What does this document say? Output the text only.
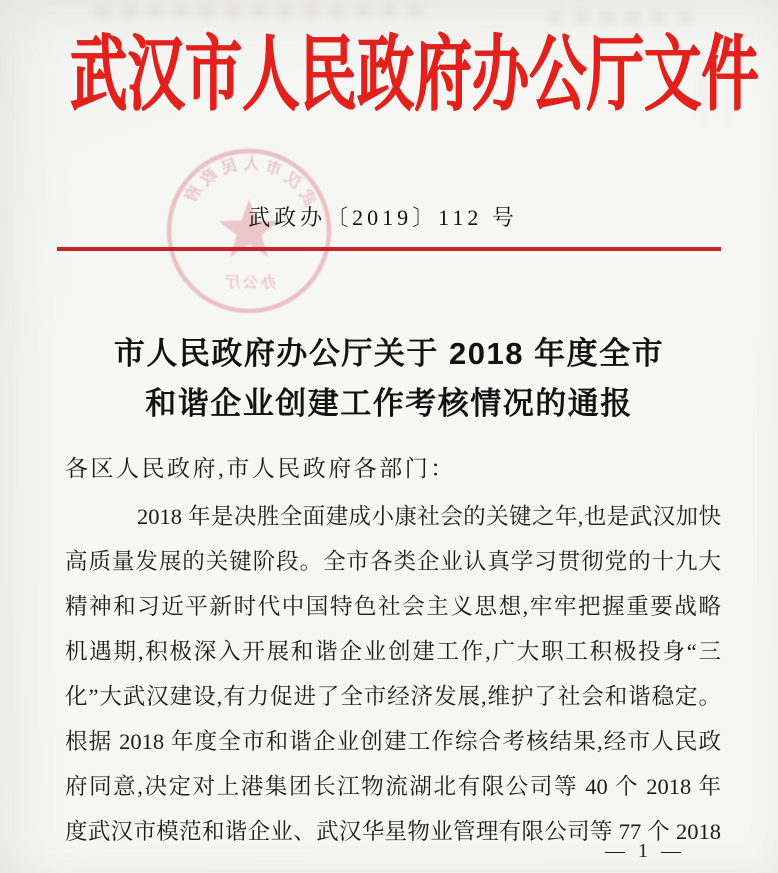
武汉市人民政府办公厅文件
武汉市人民政府
办公厅
武政办〔2019〕112 号
市人民政府办公厅关于 2018 年度全市
和谐企业创建工作考核情况的通报
各区人民政府,市人民政府各部门：
2018 年是决胜全面建成小康社会的关键之年,也是武汉加快
高质量发展的关键阶段。全市各类企业认真学习贯彻党的十九大
精神和习近平新时代中国特色社会主义思想,牢牢把握重要战略
机遇期,积极深入开展和谐企业创建工作,广大职工积极投身“三
化”大武汉建设,有力促进了全市经济发展,维护了社会和谐稳定。
根据 2018 年度全市和谐企业创建工作综合考核结果,经市人民政
府同意,决定对上港集团长江物流湖北有限公司等 40 个 2018 年
度武汉市模范和谐企业、武汉华星物业管理有限公司等 77 个 2018
— 1 —
